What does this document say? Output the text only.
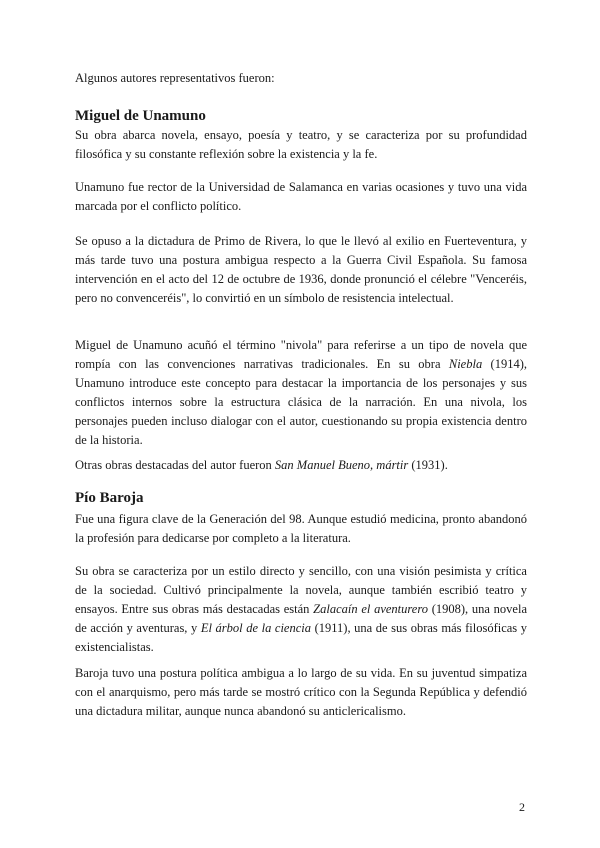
Algunos autores representativos fueron:
Miguel de Unamuno

Su obra abarca novela, ensayo, poesía y teatro, y se caracteriza por su profundidad filosófica y su constante reflexión sobre la existencia y la fe.

Unamuno fue rector de la Universidad de Salamanca en varias ocasiones y tuvo una vida marcada por el conflicto político.

Se opuso a la dictadura de Primo de Rivera, lo que le llevó al exilio en Fuerteventura, y más tarde tuvo una postura ambigua respecto a la Guerra Civil Española. Su famosa intervención en el acto del 12 de octubre de 1936, donde pronunció el célebre "Venceréis, pero no convenceréis", lo convirtió en un símbolo de resistencia intelectual.

Miguel de Unamuno acuñó el término "nivola" para referirse a un tipo de novela que rompía con las convenciones narrativas tradicionales. En su obra Niebla (1914), Unamuno introduce este concepto para destacar la importancia de los personajes y sus conflictos internos sobre la estructura clásica de la narración. En una nivola, los personajes pueden incluso dialogar con el autor, cuestionando su propia existencia dentro de la historia.

Otras obras destacadas del autor fueron San Manuel Bueno, mártir (1931).

Pío Baroja

Fue una figura clave de la Generación del 98. Aunque estudió medicina, pronto abandonó la profesión para dedicarse por completo a la literatura.

Su obra se caracteriza por un estilo directo y sencillo, con una visión pesimista y crítica de la sociedad. Cultivó principalmente la novela, aunque también escribió teatro y ensayos. Entre sus obras más destacadas están Zalacaín el aventurero (1908), una novela de acción y aventuras, y El árbol de la ciencia (1911), una de sus obras más filosóficas y existencialistas.

Baroja tuvo una postura política ambigua a lo largo de su vida. En su juventud simpatiza con el anarquismo, pero más tarde se mostró crítico con la Segunda República y defendió una dictadura militar, aunque nunca abandonó su anticlericalismo.

2
